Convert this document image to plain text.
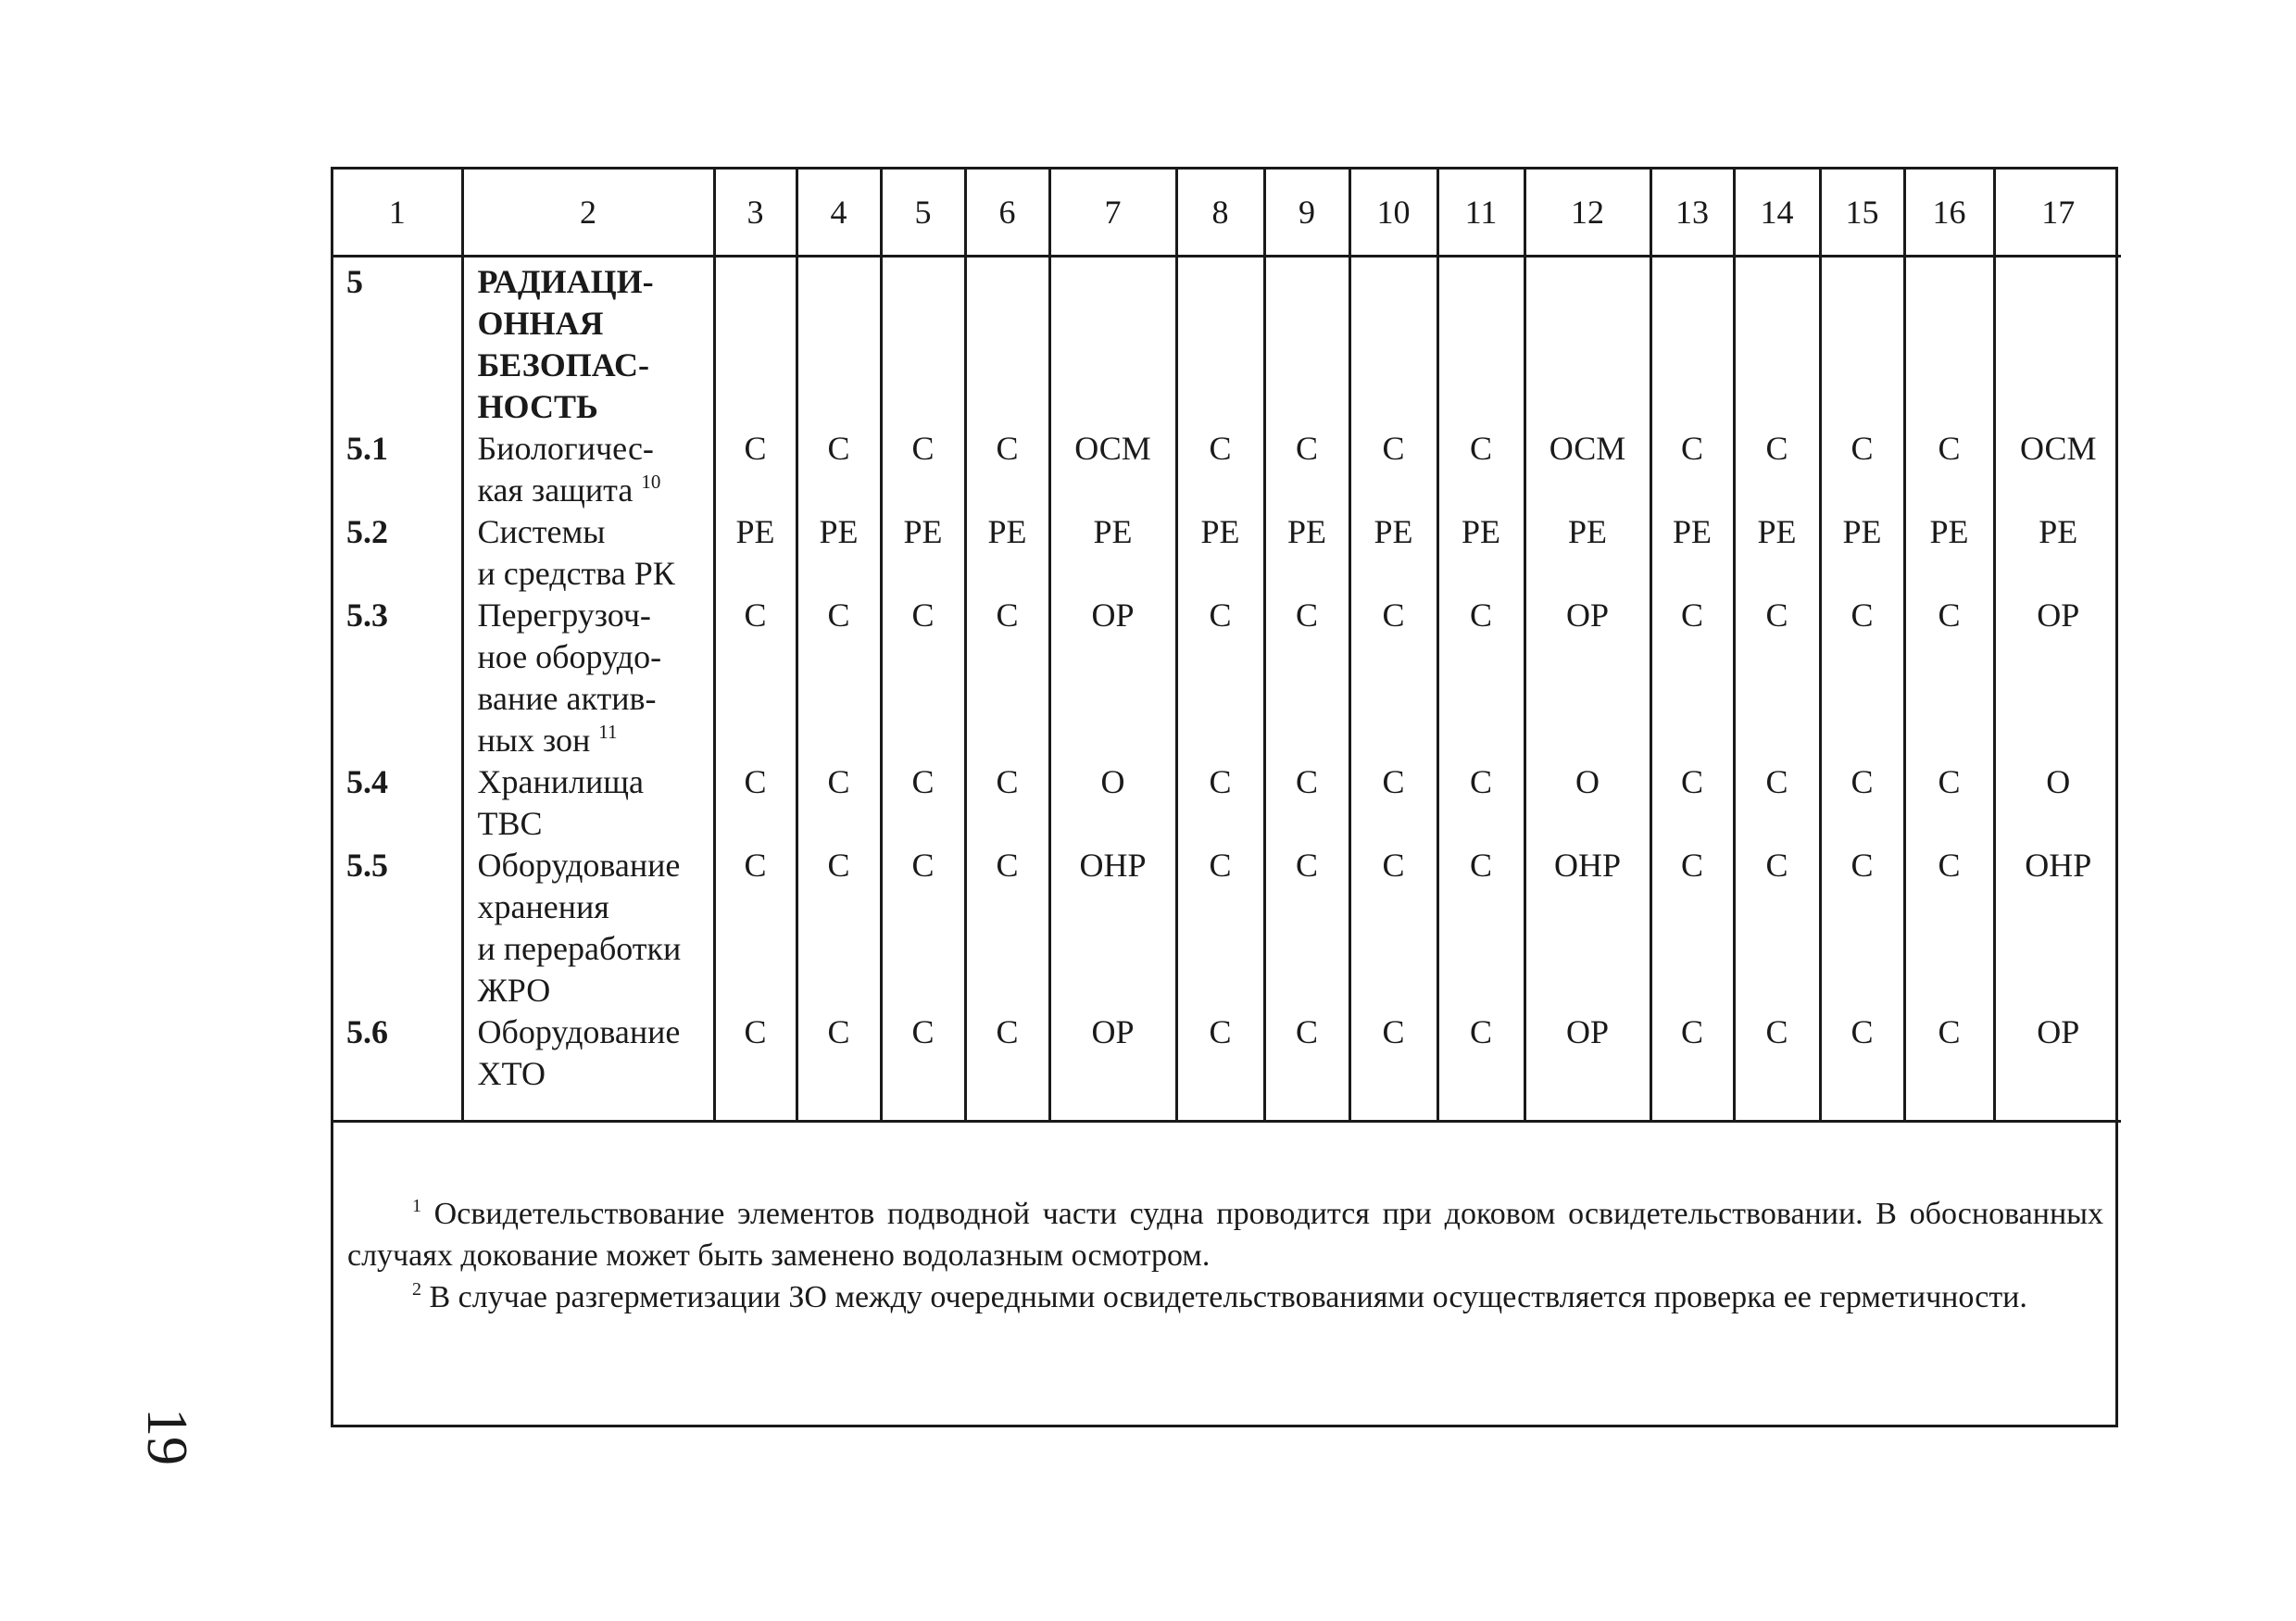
1	2	3	4	5	6	7	8	9	10	11	12	13	14	15	16	17
5	РАДИАЦИ-
ОННАЯ
БЕЗОПАС-
НОСТЬ															
5.1	Биологичес-
кая защита $^{10}$	С	С	С	С	ОСМ	С	С	С	С	ОСМ	С	С	С	С	ОСМ
5.2	Системы
и средства РК	РЕ	РЕ	РЕ	РЕ	РЕ	РЕ	РЕ	РЕ	РЕ	РЕ	РЕ	РЕ	РЕ	РЕ	РЕ
5.3	Перегрузоч-
ное оборудо-
вание актив-
ных зон $^{11}$	С	С	С	С	ОР	С	С	С	С	ОР	С	С	С	С	ОР
5.4	Хранилища
ТВС	С	С	С	С	О	С	С	С	С	О	С	С	С	С	О
5.5	Оборудование
хранения
и переработки
ЖРО	С	С	С	С	ОНР	С	С	С	С	ОНР	С	С	С	С	ОНР
5.6	Оборудование
ХТО	С	С	С	С	ОР	С	С	С	С	ОР	С	С	С	С	ОР

$^1$ Освидетельствование элементов подводной части судна проводится при доковом освидетельствовании. В обоснованных случаях докование может быть заменено водолазным осмотром.

$^2$ В случае разгерметизации ЗО между очередными освидетельствованиями осуществляется проверка ее герметичности.

19
